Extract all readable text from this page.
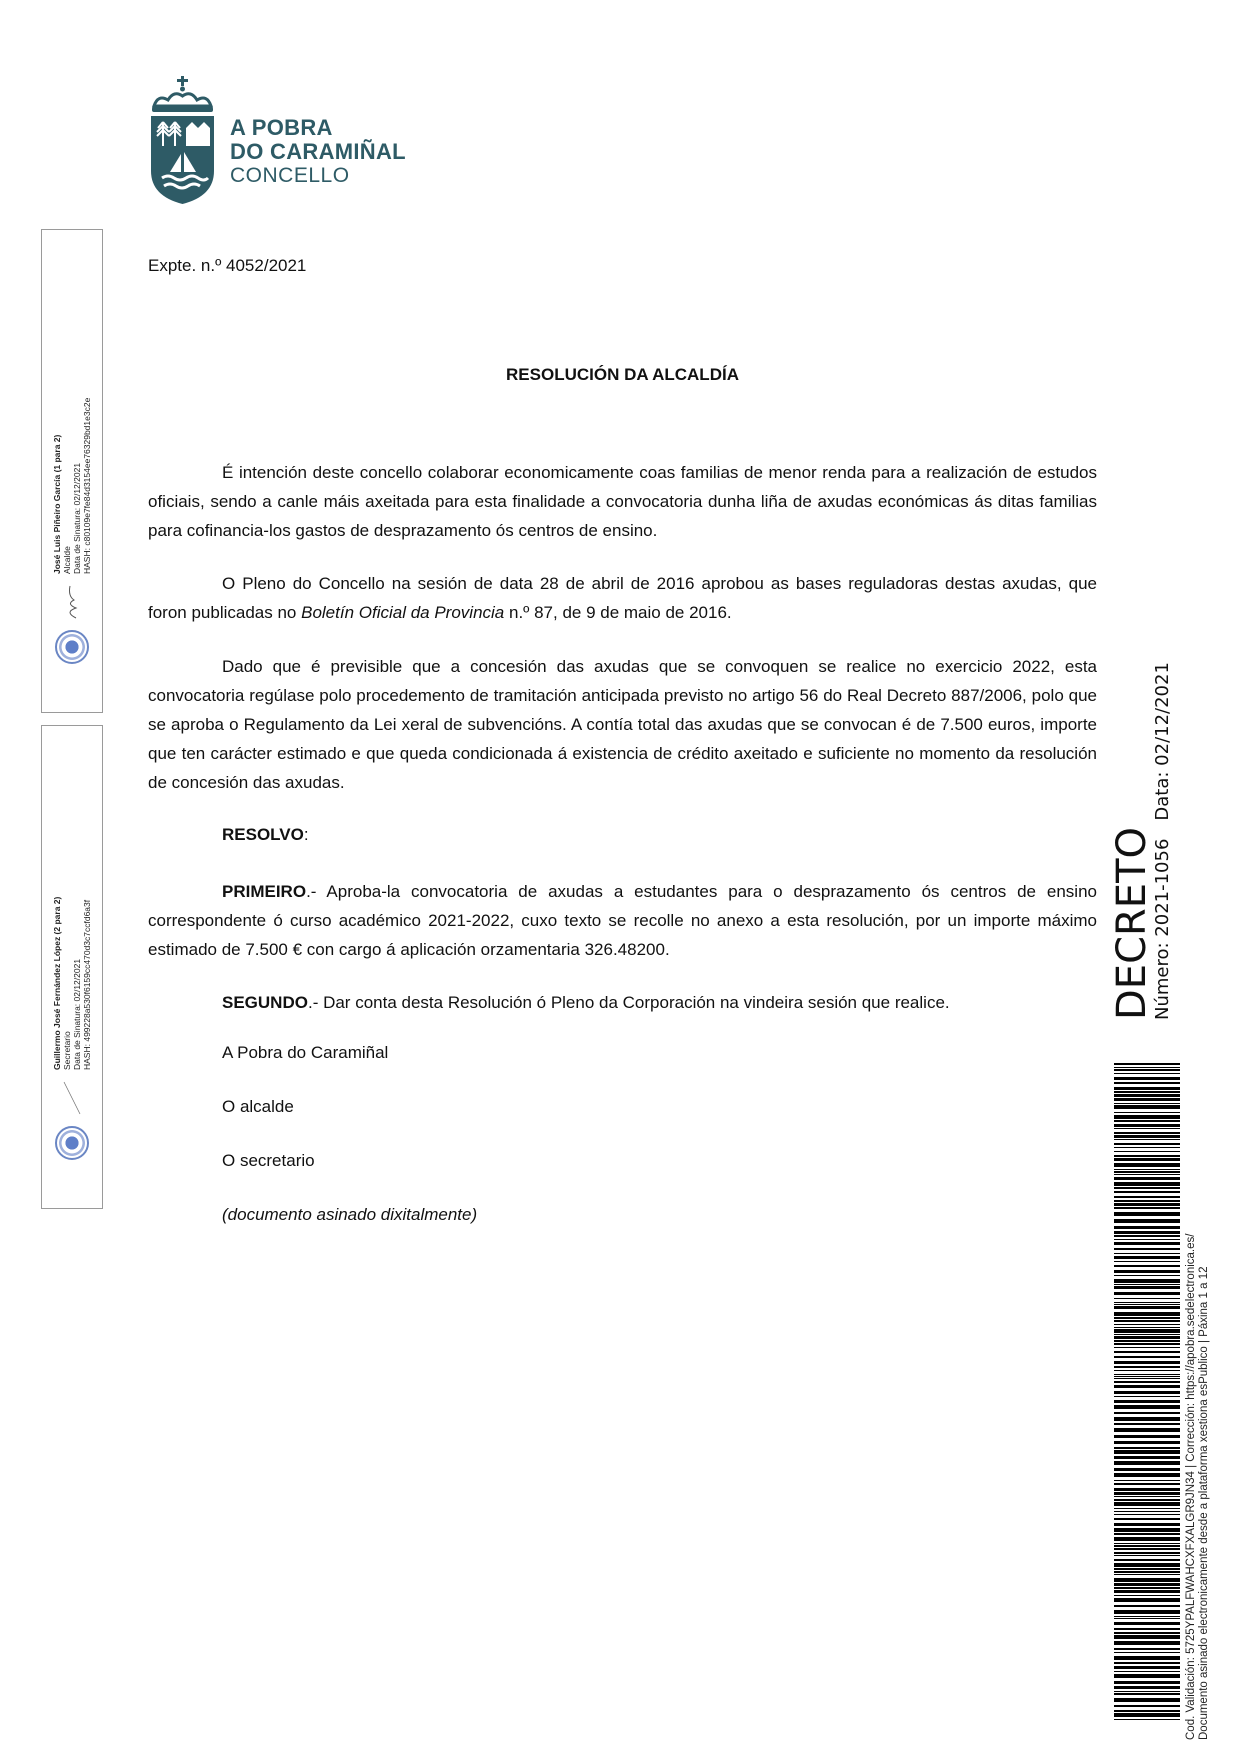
A POBRA
DO CARAMIÑAL
CONCELLO
José Luis Piñeiro García (1 para 2) Alcalde Data de Sinatura: 02/12/2021 HASH: c80109e7fe84d3154ee76329bd1e3c2e
Guillermo José Fernández López (2 para 2) Secretario Data de Sinatura: 02/12/2021 HASH: 499228a530f6159cc470d3c7ccfd6a3f
Expte. n.º 4052/2021
RESOLUCIÓN DA ALCALDÍA
É intención deste concello colaborar economicamente coas familias de menor renda para a realización de estudos oficiais, sendo a canle máis axeitada para esta finalidade a convocatoria dunha liña de axudas económicas ás ditas familias para cofinancia-los gastos de desprazamento ós centros de ensino.
O Pleno do Concello na sesión de data 28 de abril de 2016 aprobou as bases reguladoras destas axudas, que foron publicadas no Boletín Oficial da Provincia n.º 87, de 9 de maio de 2016.
Dado que é previsible que a concesión das axudas que se convoquen se realice no exercicio 2022, esta convocatoria regúlase polo procedemento de tramitación anticipada previsto no artigo 56 do Real Decreto 887/2006, polo que se aproba o Regulamento da Lei xeral de subvencións. A contía total das axudas que se convocan é de 7.500 euros, importe que ten carácter estimado e que queda condicionada á existencia de crédito axeitado e suficiente no momento da resolución de concesión das axudas.
RESOLVO:
PRIMEIRO.- Aproba-la convocatoria de axudas a estudantes para o desprazamento ós centros de ensino correspondente ó curso académico 2021-2022, cuxo texto se recolle no anexo a esta resolución, por un importe máximo estimado de 7.500 € con cargo á aplicación orzamentaria 326.48200.
SEGUNDO.- Dar conta desta Resolución ó Pleno da Corporación na vindeira sesión que realice.
A Pobra do Caramiñal
O alcalde
O secretario
(documento asinado dixitalmente)
DECRETO
Número: 2021-1056Data: 02/12/2021
Cod. Validación: 5725YPALFWAHCXFXALGR9JN34 | Corrección: https://apobra.sedelectronica.es/ Documento asinado electronicamente desde a plataforma xestiona esPublico | Páxina 1 a 12
